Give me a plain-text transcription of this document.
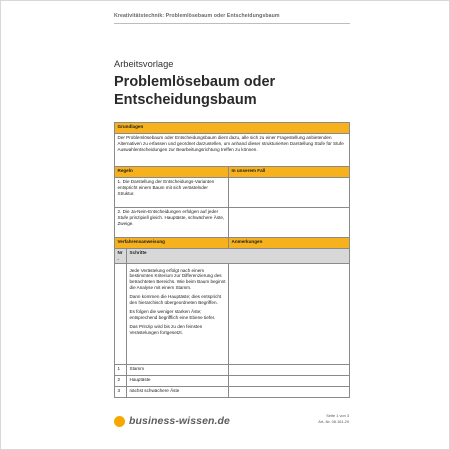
Kreativitätstechnik: Problemlösebaum oder Entscheidungsbaum
Arbeitsvorlage
Problemlösebaum oder Entscheidungsbaum
Grundlagen		
Der Problemlösebaum oder Entscheidungsbaum dient dazu, alle sich zu einer Fragestellung anbietenden Alternativen zu erfassen und geordnet darzustellen, um anhand dieser strukturierten Darstellung Stufe für Stufe Auswahlentscheidungen zur Bearbeitungsrichtung treffen zu können.		
Regeln		In unserem Fall
1. Die Darstellung der Entscheidungs-Varianten entspricht einem Baum mit sich verästelnder Struktur.		
2. Die Ja-Nein-Entscheidungen erfolgen auf jeder Stufe prinzipiell gleich. Hauptäste, schwächere Äste, Zweige.		
Verfahrensanweisung		Anmerkungen
Nr.	Schritte	

	Jede Verästelung erfolgt nach einem bestimmten Kriterium zur Differenzierung des betrachteten Bereichs. Wie beim Baum beginnt die Analyse mit einem Stamm.

Dann kommen die Hauptäste; dies entspricht den hierarchisch übergeordneten Begriffen.

Es folgen die weniger starken Äste; entsprechend begrifflich eine Ebene tiefer.

Das Prinzip wird bis zu den feinsten Verästelungen fortgesetzt.	

1	Stamm	
2	Hauptäste	
3	nächst schwächere Äste	
business-wissen.de	Seite 1 von 3
Art.-Nr. 06.161.20
